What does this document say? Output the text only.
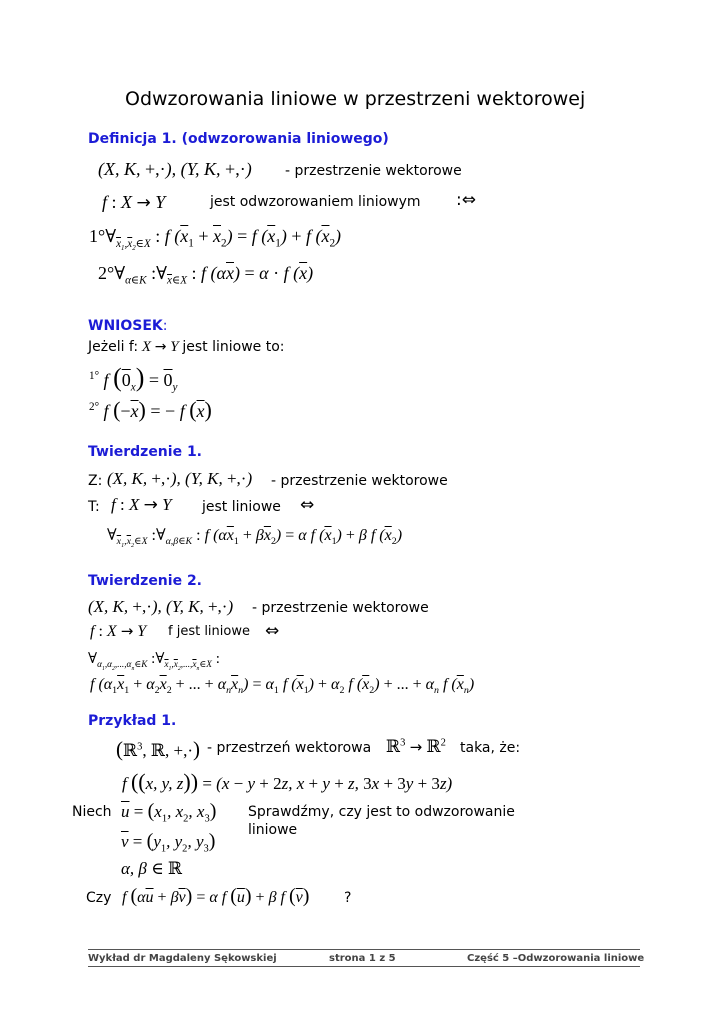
Odwzorowania liniowe w przestrzeni wektorowej
Definicja 1. (odwzorowania liniowego)
(X, K, +,·), (Y, K, +,·) - przestrzenie wektorowe
f : X → Y	jest odwzorowaniem liniowym :⇔
$1^\circ\forall_{\overline{x}_1,\overline{x}_2\in X}$ : f $(\overline{x}_1 + \overline{x}_2) = f$ $(\overline{x}_1) + f$ $(\overline{x}_2)$
$2^\circ\forall_{\alpha\in K}$ $:\forall_{\overline{x}\in X}$ : f $(\alpha\overline{x}) = \alpha \cdot f$ $(\overline{x})$
WNIOSEK:
Jeżeli f: X → Y jest liniowe to:
$^{1^\circ}$ f $(0_x) = 0_y$
$^{2^\circ}$ f $(-\overline{x})$ = − f $(\overline{x})$
Twierdzenie 1.
Z: (X, K, +,·), (Y, K, +,·) - przestrzenie wektorowe
T: f : X → Y jest liniowe ⇔
$\forall_{\overline{x}_1,\overline{x}_2\in X}$ $:\forall_{\alpha,\beta\in K}$ : f $(\alpha\overline{x}_1 + \beta\overline{x}_2) = \alpha$ f $(\overline{x}_1) + \beta$ f $(\overline{x}_2)$
Twierdzenie 2.
(X, K, +,·), (Y, K, +,·) - przestrzenie wektorowe
f : X → Y f jest liniowe ⇔
$\forall_{\alpha_1,\alpha_2,...,\alpha_n\in K}$ $:\forall_{\overline{x}_1,\overline{x}_2,...,\overline{x}_n\in X}$ :
f ($\alpha_1\overline{x}_1 + \alpha_2\overline{x}_2$ + ... + $\alpha_n\overline{x}_n) = \alpha_1$ f $(\overline{x}_1) + \alpha_2$ f $(\overline{x}_2)$ + ... + $\alpha_n$ f $(\overline{x}_n)$
Przykład 1.
(ℝ$^3$, ℝ, +,·) - przestrzeń wektorowa ℝ$^3$ → ℝ$^2$ taka, że:
f ((x, y, z)) = (x − y + 2z, x + y + z, 3x + 3y + 3z)
Niech $\overline{u} = (x_1$, $x_2$, $x_3$) Sprawdźmy, czy jest to odwzorowanie
liniowe
$\overline{v} = (y_1$, $y_2$, $y_3$)
α, β ∈ ℝ
Czy f $(\alpha\overline{u} + \beta\overline{v}) = \alpha$ f $(\overline{u}) + \beta$ f $(\overline{v})$ ?
Wykład dr Magdaleny Sękowskiej	strona 1 z 5	Część 5 –Odwzorowania liniowe
